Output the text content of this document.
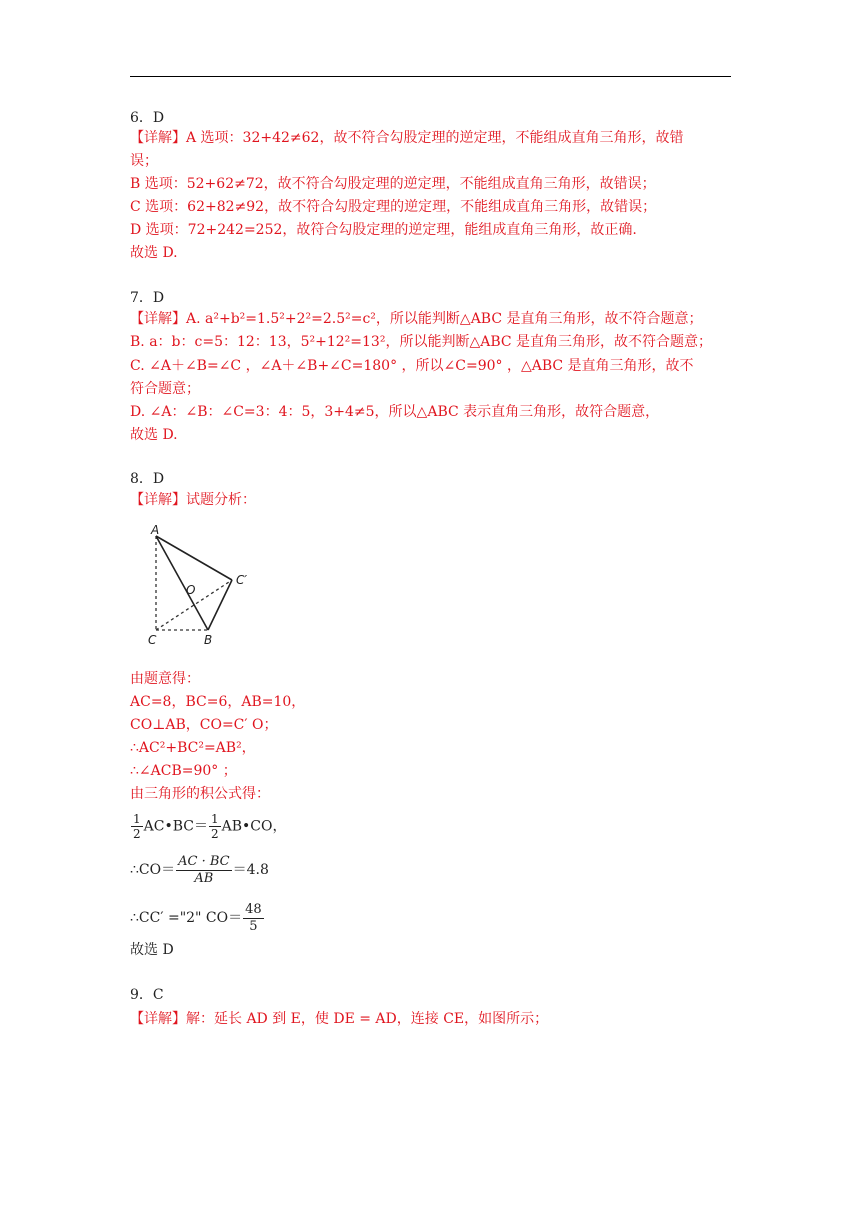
6．D
【详解】A 选项：32+42≠62，故不符合勾股定理的逆定理，不能组成直角三角形，故错
误；
B 选项：52+62≠72，故不符合勾股定理的逆定理，不能组成直角三角形，故错误；
C 选项：62+82≠92，故不符合勾股定理的逆定理，不能组成直角三角形，故错误；
D 选项：72+242=252，故符合勾股定理的逆定理，能组成直角三角形，故正确.
故选 D.
7．D
【详解】A. a²+b²=1.5²+2²=2.5²=c²，所以能判断△ABC 是直角三角形，故不符合题意；
B. a：b：c=5：12：13，5²+12²=13²，所以能判断△ABC 是直角三角形，故不符合题意；
C. ∠A＋∠B=∠C ，∠A＋∠B+∠C=180° ，所以∠C=90° ，△ABC 是直角三角形，故不
符合题意；
D. ∠A：∠B：∠C=3：4：5，3+4≠5，所以△ABC 表示直角三角形，故符合题意，
故选 D.
8．D
【详解】试题分析：
A
C	B
O
C′
由题意得：
AC=8，BC=6，AB=10，
CO⊥AB，CO=C′ O；
∴AC²+BC²=AB²，
∴∠ACB=90° ；
由三角形的积公式得：
$\frac{1}{2}$ AC•BC＝ $\frac{1}{2}$ AB•CO，
∴CO＝ $\frac{AC \cdot BC}{AB} =4.8$
∴CC′ ="2" $CO= \frac{48}{5}$
故选 D
9．C
【详解】解：延长 AD 到 E，使 DE = AD，连接 CE，如图所示；
